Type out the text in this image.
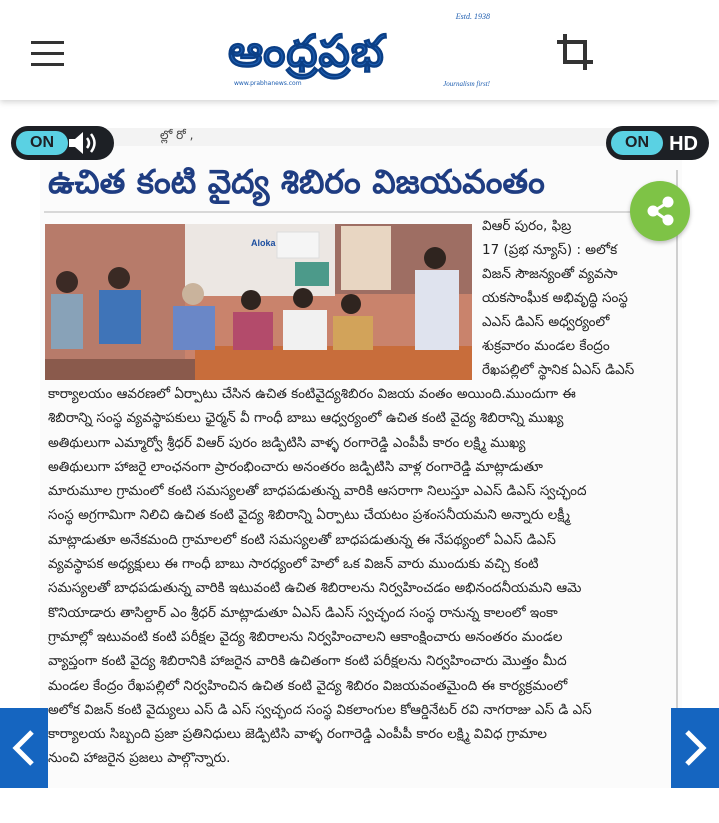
Estd. 1938
ఆంధ్రప్రభ
www.prabhanews.com	Journalism first!
ల్లో రో ,
ఉచిత కంటి వైద్య శిబిరం విజయవంతం
Aloka
విఆర్ పురం, ఫిబ్ర
17 (ప్రభ న్యూస్) : అలోక
విజన్ సౌజన్యంతో వ్యవసా
యకసాంఘీక అభివృద్ధి సంస్థ
ఎఎస్ డిఎస్ అధ్వర్యంలో
శుక్రవారం మండల కేంద్రం
రేఖపల్లిలో స్థానిక ఏఎస్ డిఎస్
కార్యాలయం ఆవరణలో ఏర్పాటు చేసిన ఉచిత కంటివైద్యశిబిరం విజయ వంతం అయింది.ముందుగా ఈ
శిబిరాన్ని సంస్థ వ్యవస్థాపకులు ఛైర్మన్ వీ గాంధీ బాబు ఆధ్వర్యంలో ఉచిత కంటి వైద్య శిబిరాన్ని ముఖ్య
అతిథులుగా ఎమ్మార్వో శ్రీధర్ విఆర్ పురం జడ్పిటిసి వాళ్ళ రంగారెడ్డి ఎంపీపీ కారం లక్ష్మి ముఖ్య
అతిథులుగా హాజరై లాంఛనంగా ప్రారంభించారు అనంతరం జడ్పిటిసి వాళ్ల రంగారెడ్డి మాట్లాడుతూ
మారుమూల గ్రామంలో కంటి సమస్యలతో బాధపడుతున్న వారికి ఆసరాగా నిలుస్తూ ఎఎస్ డిఎస్ స్వచ్ఛంద
సంస్థ అగ్రగామిగా నిలిచి ఉచిత కంటి వైద్య శిబిరాన్ని ఏర్పాటు చేయటం ప్రశంసనీయమని అన్నారు లక్ష్మీ
మాట్లాడుతూ అనేకమంది గ్రామాలలో కంటి సమస్యలతో బాధపడుతున్న ఈ నేపథ్యంలో ఏఎస్ డిఎస్
వ్యవస్థాపక అధ్యక్షులు ఈ గాంధీ బాబు సారధ్యంలో హెలో ఒక విజన్ వారు ముందుకు వచ్చి కంటి
సమస్యలతో బాధపడుతున్న వారికి ఇటువంటి ఉచిత శిబిరాలను నిర్వహించడం అభినందనీయమని ఆమె
కొనియాడారు తాసిల్దార్ ఎం శ్రీధర్ మాట్లాడుతూ ఏఎస్ డిఎస్ స్వచ్ఛంద సంస్థ రానున్న కాలంలో ఇంకా
గ్రామాల్లో ఇటువంటి కంటి పరీక్షల వైద్య శిబిరాలను నిర్వహించాలని ఆకాంక్షించారు అనంతరం మండల
వ్యాప్తంగా కంటి వైద్య శిబిరానికి హాజరైన వారికి ఉచితంగా కంటి పరీక్షలను నిర్వహించారు మొత్తం మీద
మండల కేంద్రం రేఖపల్లిలో నిర్వహించిన ఉచిత కంటి వైద్య శిబిరం విజయవంతమైంది ఈ కార్యక్రమంలో
అలోక విజన్ కంటి వైద్యులు ఎస్ డి ఎస్ స్వచ్ఛంద సంస్థ వికలాంగుల కోఆర్డినేటర్ రవి నాగరాజు ఎస్ డి ఎస్
కార్యాలయ సిబ్బంది ప్రజా ప్రతినిధులు జెడ్పిటిసి వాళ్ళ రంగారెడ్డి ఎంపీపీ కారం లక్ష్మి వివిధ గ్రామాల
నుంచి హాజరైన ప్రజలు పాల్గొన్నారు.
ON	ON	HD
